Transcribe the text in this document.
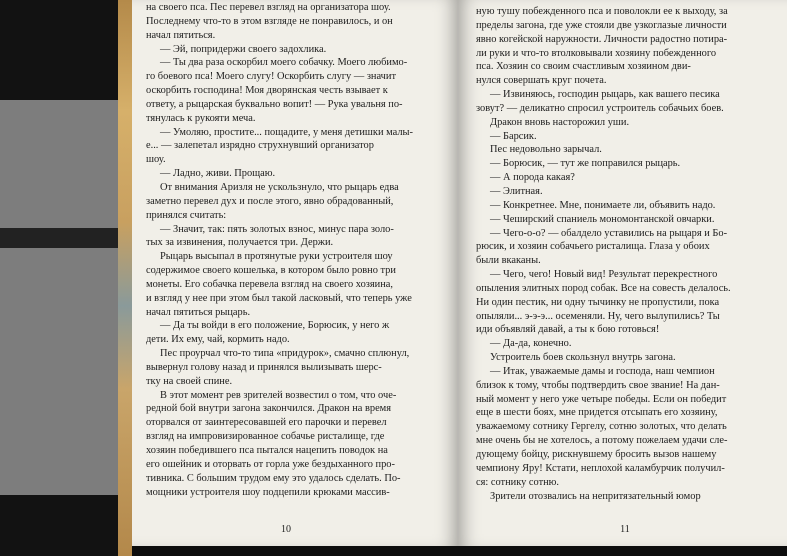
на своего пса. Пес перевел взгляд на организатора шоу.
Последнему что-то в этом взгляде не понравилось, и он
начал пятиться.
— Эй, попридержи своего задохлика.
— Ты два раза оскорбил моего собачку. Моего любимо-
го боевого пса! Моего слугу! Оскорбить слугу — значит
оскорбить господина! Моя дворянская честь взывает к
ответу, а рыцарская буквально вопит! — Рука увальня по-
тянулась к рукояти меча.
— Умоляю, простите... пощадите, у меня детишки малы-
е... — залепетал изрядно струхнувший организатор
шоу.
— Ладно, живи. Прощаю.
От внимания Аризля не ускользнуло, что рыцарь едва
заметно перевел дух и после этого, явно обрадованный,
принялся считать:
— Значит, так: пять золотых взнос, минус пара золо-
тых за извинения, получается три. Держи.
Рыцарь высыпал в протянутые руки устроителя шоу
содержимое своего кошелька, в котором было ровно три
монеты. Его собачка перевела взгляд на своего хозяина,
и взгляд у нее при этом был такой ласковый, что теперь уже
начал пятиться рыцарь.
— Да ты войди в его положение, Борюсик, у него ж
дети. Их ему, чай, кормить надо.
Пес проурчал что-то типа «придурок», смачно сплюнул,
вывернул голову назад и принялся вылизывать шерс-
тку на своей спине.
В этот момент рев зрителей возвестил о том, что оче-
редной бой внутри загона закончился. Дракон на время
оторвался от заинтересовавшей его парочки и перевел
взгляд на импровизированное собачье ристалище, где
хозяин победившего пса пытался нацепить поводок на
его ошейник и оторвать от горла уже бездыханного про-
тивника. С большим трудом ему это удалось сделать. По-
мощники устроителя шоу подцепили крюками массив-
10
ную тушу побежденного пса и поволокли ее к выходу, за
пределы загона, где уже стояли две узкоглазые личности
явно когейской наружности. Личности радостно потира-
ли руки и что-то втолковывали хозяину побежденного
пса. Хозяин со своим счастливым хозяином дви-
нулся совершать круг почета.
— Извиняюсь, господин рыцарь, как вашего песика
зовут? — деликатно спросил устроитель собачьих боев.
Дракон вновь насторожил уши.
— Барсик.
Пес недовольно зарычал.
— Борюсик, — тут же поправился рыцарь.
— А порода какая?
— Элитная.
— Конкретнее. Мне, понимаете ли, объявить надо.
— Чеширский спаниель мономонтанской овчарки.
— Чего-о-о? — обалдело уставились на рыцаря и Бо-
рюсик, и хозяин собачьего ристалища. Глаза у обоих
были вкаканы.
— Чего, чего! Новый вид! Результат перекрестного
опыления элитных пород собак. Все на совесть делалось.
Ни один пестик, ни одну тычинку не пропустили, пока
опыляли... э-э-э... осеменяли. Ну, чего вылупились? Ты
иди объявляй давай, а ты к бою готовься!
— Да-да, конечно.
Устроитель боев скользнул внутрь загона.
— Итак, уважаемые дамы и господа, наш чемпион
близок к тому, чтобы подтвердить свое звание! На дан-
ный момент у него уже четыре победы. Если он победит
еще в шести боях, мне придется отсыпать его хозяину,
уважаемому сотнику Гергелу, сотню золотых, что делать
мне очень бы не хотелось, а потому пожелаем удачи сле-
дующему бойцу, рискнувшему бросить вызов нашему
чемпиону Яру! Кстати, неплохой каламбурчик получил-
ся: сотнику сотню.
Зрители отозвались на непритязательный юмор
11
